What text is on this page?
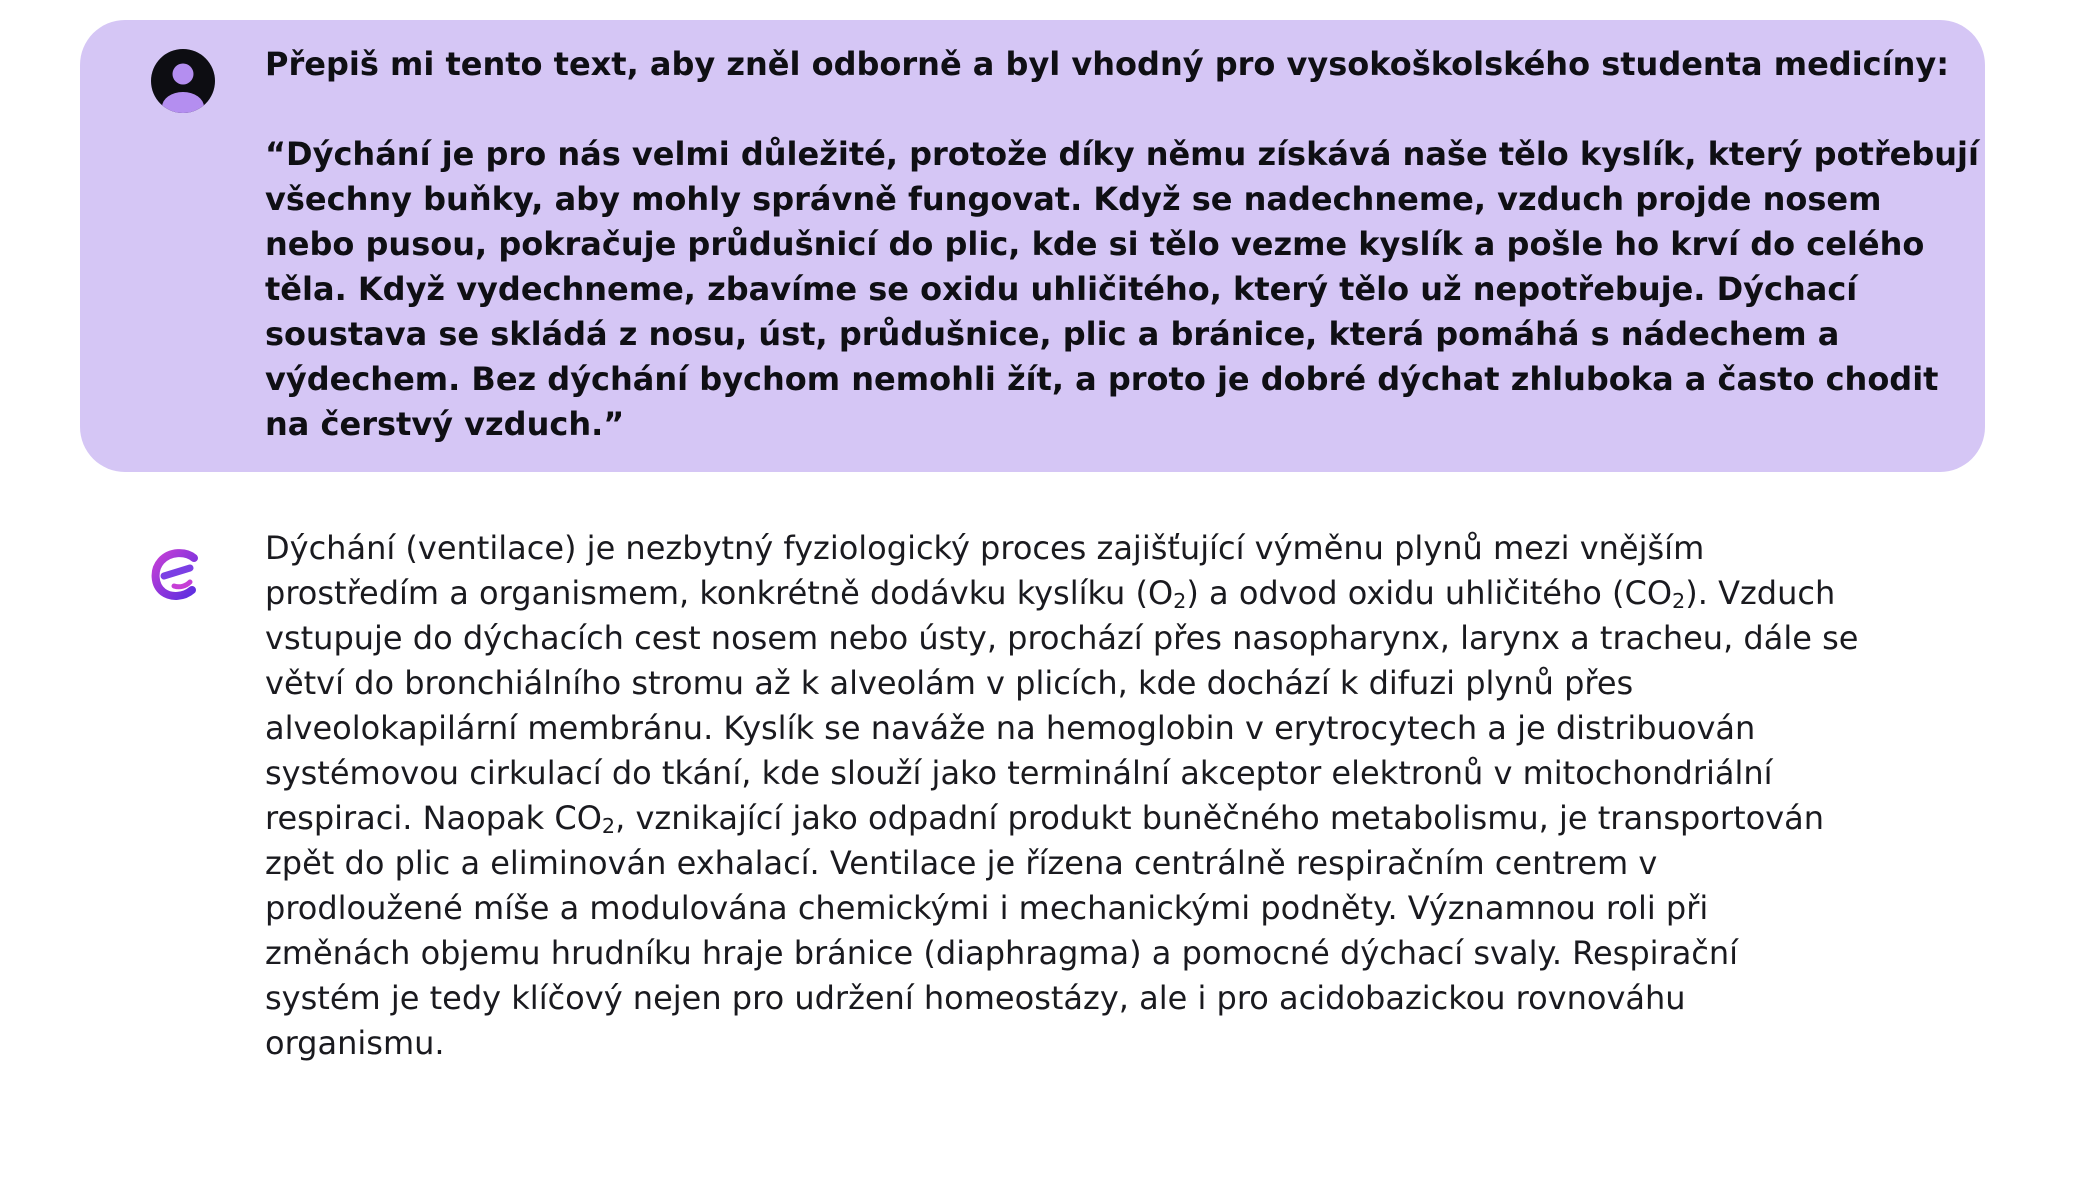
Přepiš mi tento text, aby zněl odborně a byl vhodný pro vysokoškolského studenta medicíny:

“Dýchání je pro nás velmi důležité, protože díky němu získává naše tělo kyslík, který potřebují
všechny buňky, aby mohly správně fungovat. Když se nadechneme, vzduch projde nosem
nebo pusou, pokračuje průdušnicí do plic, kde si tělo vezme kyslík a pošle ho krví do celého
těla. Když vydechneme, zbavíme se oxidu uhličitého, který tělo už nepotřebuje. Dýchací
soustava se skládá z nosu, úst, průdušnice, plic a bránice, která pomáhá s nádechem a
výdechem. Bez dýchání bychom nemohli žít, a proto je dobré dýchat zhluboka a často chodit
na čerstvý vzduch.”

Dýchání (ventilace) je nezbytný fyziologický proces zajišťující výměnu plynů mezi vnějším
prostředím a organismem, konkrétně dodávku kyslíku $(O_2)$ a odvod oxidu uhličitého $(CO_2)$. Vzduch
vstupuje do dýchacích cest nosem nebo ústy, prochází přes nasopharynx, larynx a tracheu, dále se
větví do bronchiálního stromu až k alveolám v plicích, kde dochází k difuzi plynů přes
alveolokapilární membránu. Kyslík se naváže na hemoglobin v erytrocytech a je distribuován
systémovou cirkulací do tkání, kde slouží jako terminální akceptor elektronů v mitochondriální
respiraci. Naopak $CO_2$, vznikající jako odpadní produkt buněčného metabolismu, je transportován
zpět do plic a eliminován exhalací. Ventilace je řízena centrálně respiračním centrem v
prodloužené míše a modulována chemickými i mechanickými podněty. Významnou roli při
změnách objemu hrudníku hraje bránice (diaphragma) a pomocné dýchací svaly. Respirační
systém je tedy klíčový nejen pro udržení homeostázy, ale i pro acidobazickou rovnováhu
organismu.
